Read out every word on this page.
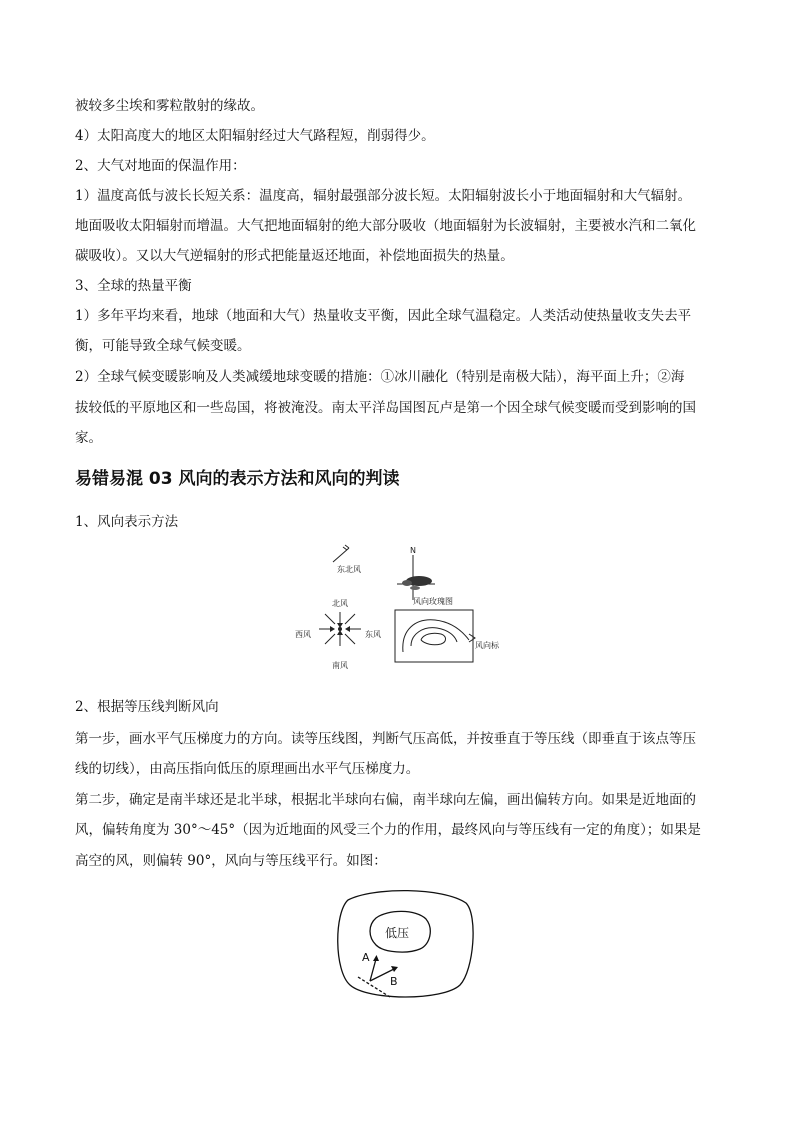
被较多尘埃和雾粒散射的缘故。
4）太阳高度大的地区太阳辐射经过大气路程短，削弱得少。
2、大气对地面的保温作用：
1）温度高低与波长长短关系：温度高，辐射最强部分波长短。太阳辐射波长小于地面辐射和大气辐射。
地面吸收太阳辐射而增温。大气把地面辐射的绝大部分吸收（地面辐射为长波辐射，主要被水汽和二氧化
碳吸收）。又以大气逆辐射的形式把能量返还地面，补偿地面损失的热量。
3、全球的热量平衡
1）多年平均来看，地球（地面和大气）热量收支平衡，因此全球气温稳定。人类活动使热量收支失去平
衡，可能导致全球气候变暖。
2）全球气候变暖影响及人类减缓地球变暖的措施：①冰川融化（特别是南极大陆），海平面上升；②海
拔较低的平原地区和一些岛国，将被淹没。南太平洋岛国图瓦卢是第一个因全球气候变暖而受到影响的国
家。
易错易混 03 风向的表示方法和风向的判读
1、风向表示方法
东北风
N
风向玫瑰图
北风
西风	东风
南风
风向标
2、根据等压线判断风向
第一步，画水平气压梯度力的方向。读等压线图，判断气压高低，并按垂直于等压线（即垂直于该点等压
线的切线），由高压指向低压的原理画出水平气压梯度力。
第二步，确定是南半球还是北半球，根据北半球向右偏，南半球向左偏，画出偏转方向。如果是近地面的
风，偏转角度为 30°～45°（因为近地面的风受三个力的作用，最终风向与等压线有一定的角度）；如果是
高空的风，则偏转 90°，风向与等压线平行。如图：
低压
A
B
